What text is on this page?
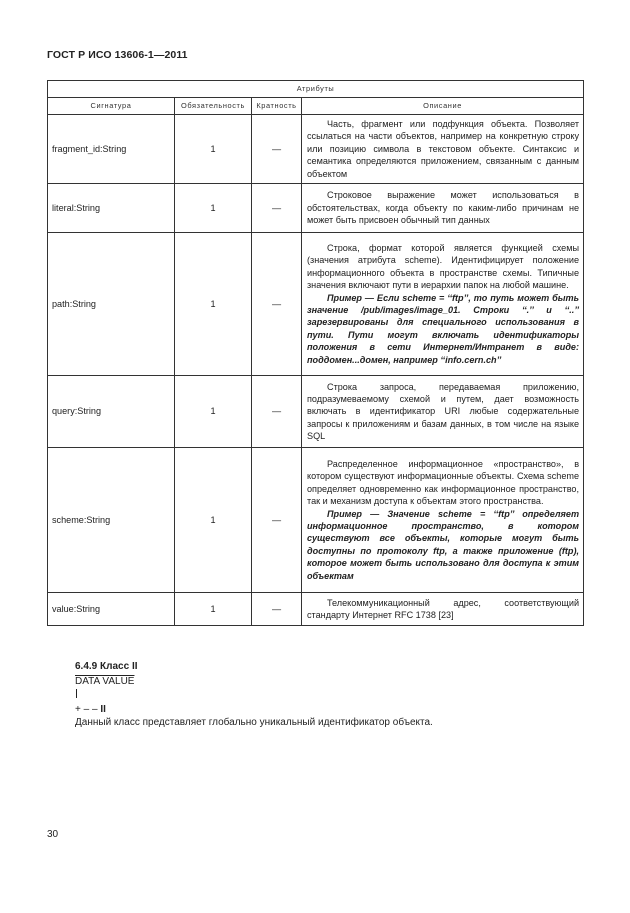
ГОСТ Р ИСО 13606-1—2011
Атрибуты			
Сигнатура	Обязательность	Кратность	Описание
fragment_id:String	1	—	Часть, фрагмент или подфункция объекта. Позволяет ссылаться на части объектов, например на конкретную строку или позицию символа в текстовом объекте. Синтаксис и семантика определяются приложением, связанным с данным объектом

literal:String	1	—	Строковое выражение может использоваться в обстоятельствах, когда объекту по каким-либо причинам не может быть присвоен обычный тип данных

path:String	1	—	Строка, формат которой является функцией схемы (значения атрибута scheme). Идентифицирует положение информационного объекта в пространстве схемы. Типичные значения включают пути в иерархии папок на любой машине.

Пример — Если scheme = ‘‘ftp’’, то путь может быть значение /pub/images/image_01. Строки ‘‘.’’ и ‘‘..’’ зарезервированы для специального использования в пути. Пути могут включать идентификаторы положения в сети Интернет/Интранет в виде: поддомен...домен, например ‘‘info.cern.ch’’

query:String	1	—	Строка запроса, передаваемая приложению, подразумеваемому схемой и путем, дает возможность включать в идентификатор URI любые содержательные запросы к приложениям и базам данных, в том числе на языке SQL

scheme:String	1	—	Распределенное информационное «пространство», в котором существуют информационные объекты. Схема scheme определяет одновременно как информационное пространство, так и механизм доступа к объектам этого пространства.

Пример — Значение scheme = ‘‘ftp’’ определяет информационное пространство, в котором существуют все объекты, которые могут быть доступны по протоколу ftp, а также приложение (ftp), которое может быть использовано для доступа к этим объектам

value:String	1	—	Телекоммуникационный адрес, соответствующий стандарту Интернет RFC 1738 [23]

6.4.9 Класс II
DATA VALUE
+ – – II
Данный класс представляет глобально уникальный идентификатор объекта.
30
